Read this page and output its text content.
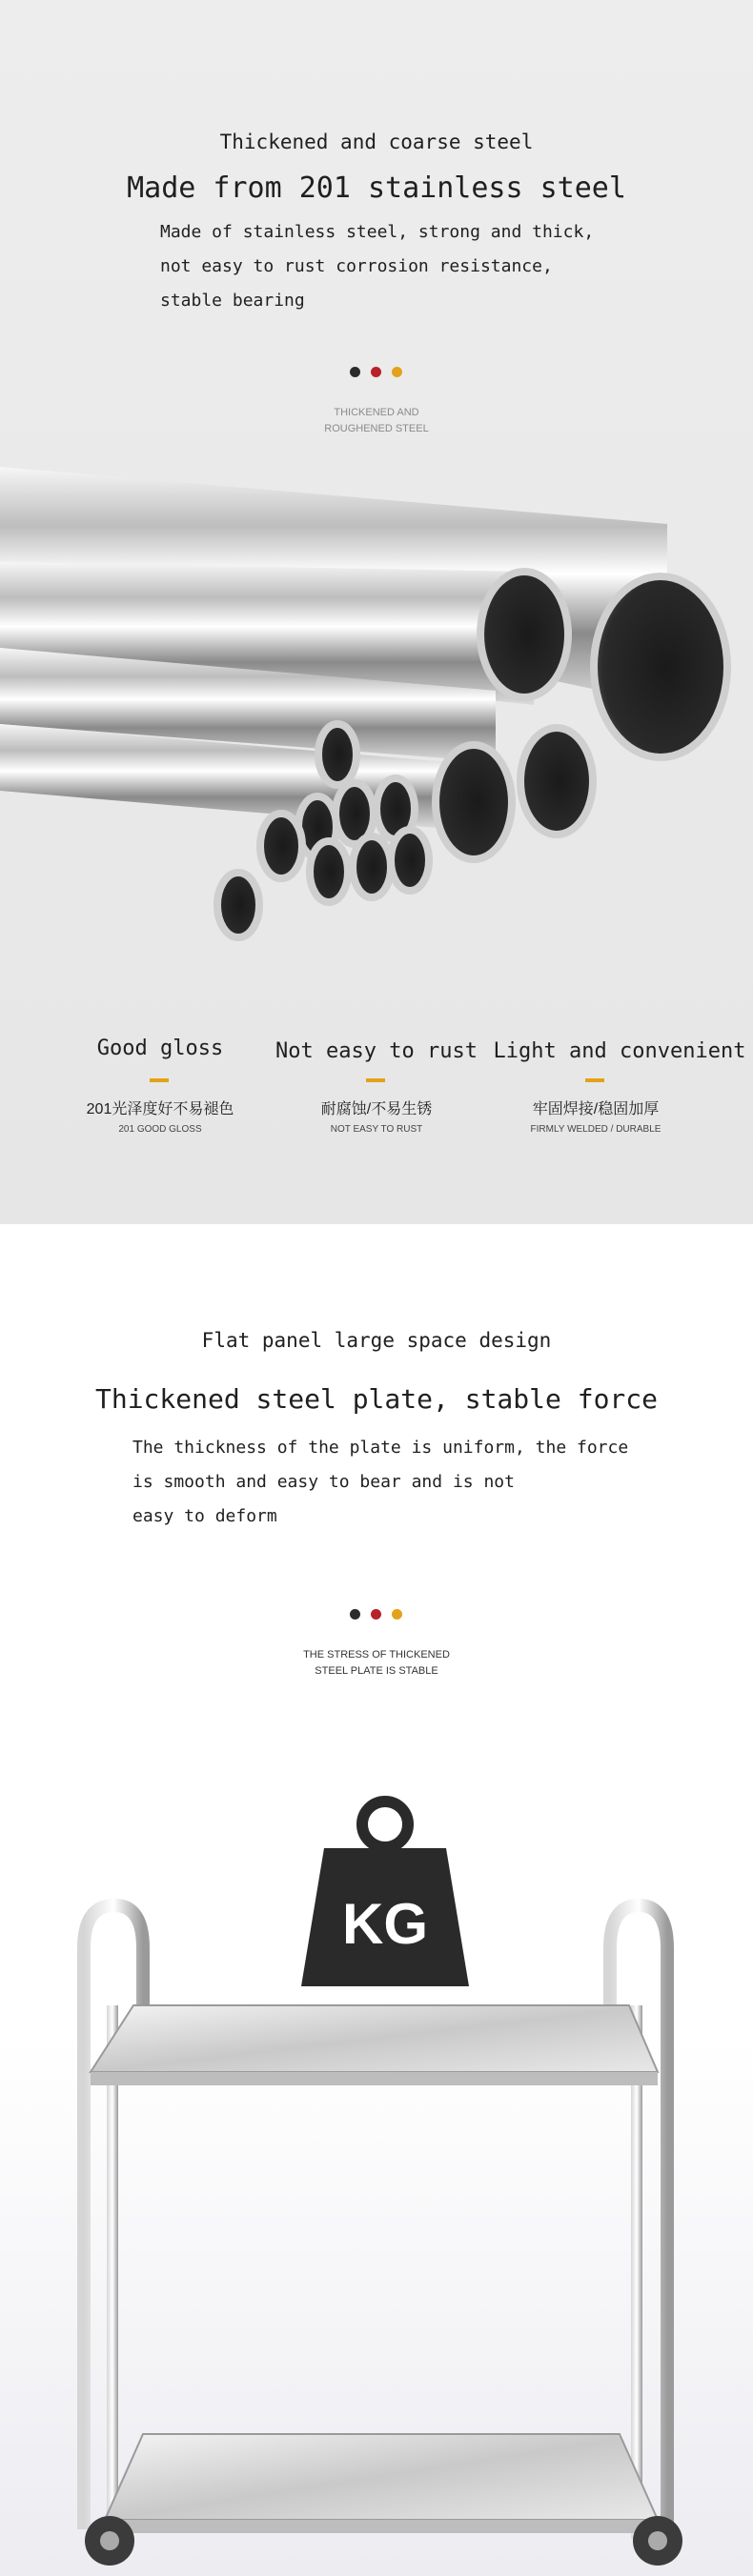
Thickened and coarse steel
Made from 201 stainless steel
Made of stainless steel, strong and thick,
not easy to rust corrosion resistance,
stable bearing
THICKENED AND
ROUGHENED STEEL
Good gloss
201光泽度好不易褪色
201 GOOD GLOSS
Not easy to rust
耐腐蚀/不易生锈
NOT EASY TO RUST
Light and convenient
牢固焊接/稳固加厚
FIRMLY WELDED / DURABLE
Flat panel large space design
Thickened steel plate, stable force
The thickness of the plate is uniform, the force
is smooth and easy to bear and is not
easy to deform
THE STRESS OF THICKENED
STEEL PLATE IS STABLE
KG
